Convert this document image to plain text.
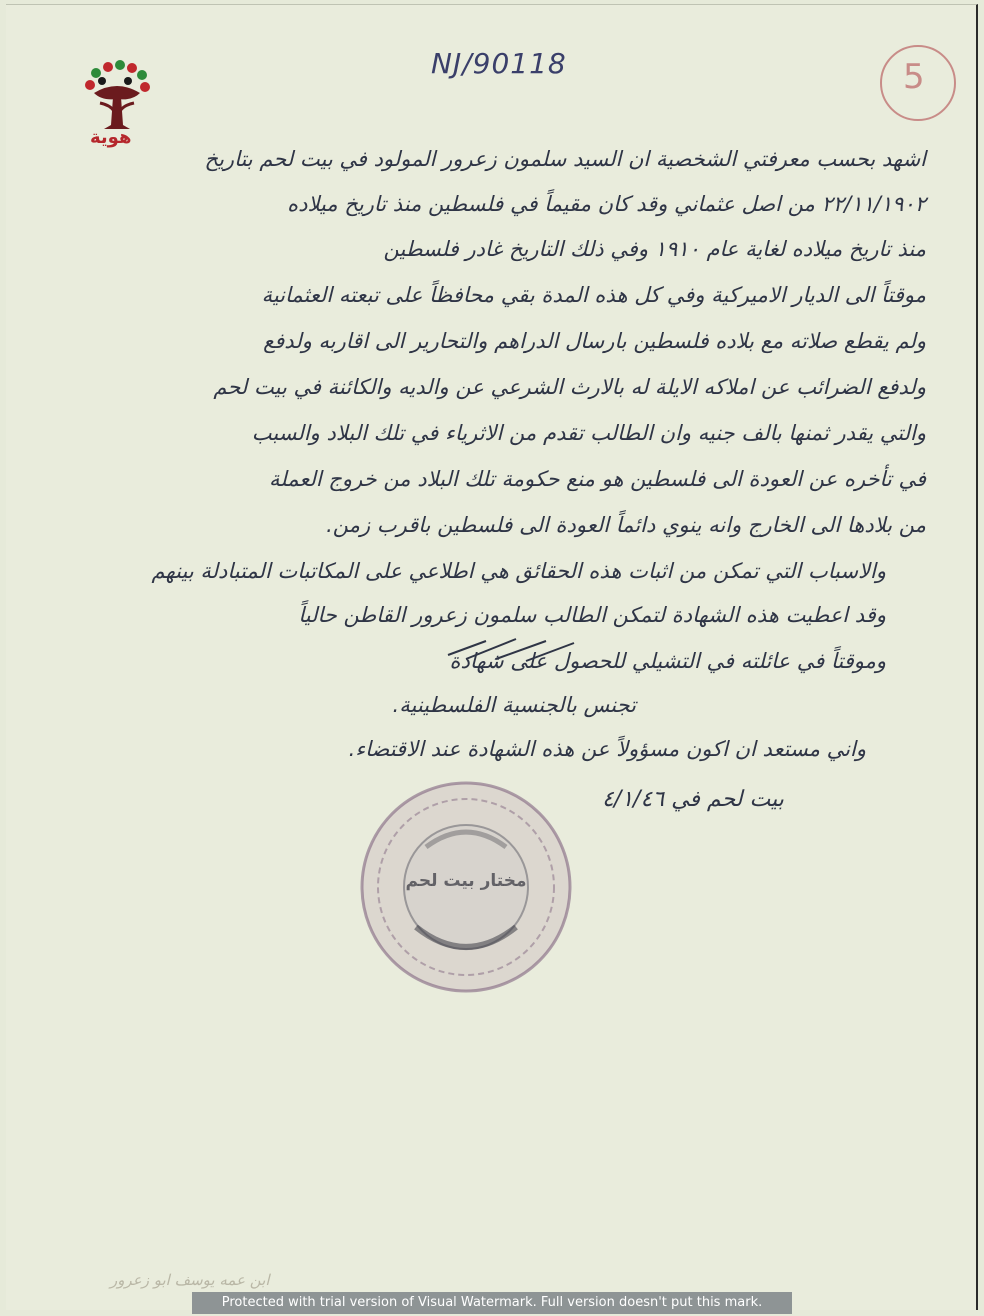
NJ/90118	5
هوية
اشهد بحسب معرفتي الشخصية ان السيد سلمون زعرور المولود في بيت لحم بتاريخ
٢٢/١١/١٩٠٢ من اصل عثماني وقد كان مقيماً في فلسطين منذ تاريخ ميلاده
منذ تاريخ ميلاده لغاية عام ١٩١٠ وفي ذلك التاريخ غادر فلسطين
موقتاً الى الديار الاميركية وفي كل هذه المدة بقي محافظاً على تبعته العثمانية
ولم يقطع صلاته مع بلاده فلسطين بارسال الدراهم والتحارير الى اقاربه ولدفع
ولدفع الضرائب عن املاكه الايلة له بالارث الشرعي عن والديه والكائنة في بيت لحم
والتي يقدر ثمنها بالف جنيه وان الطالب تقدم من الاثرياء في تلك البلاد والسبب
في تأخره عن العودة الى فلسطين هو منع حكومة تلك البلاد من خروج العملة
من بلادها الى الخارج وانه ينوي دائماً العودة الى فلسطين باقرب زمن.
والاسباب التي تمكن من اثبات هذه الحقائق هي اطلاعي على المكاتبات المتبادلة بينهم
وقد اعطيت هذه الشهادة لتمكن الطالب سلمون زعرور القاطن حالياً
وموقتاً في عائلته في التشيلي للحصول على شهادة
تجنس بالجنسية الفلسطينية.
واني مستعد ان اكون مسؤولاً عن هذه الشهادة عند الاقتضاء.
بيت لحم في ٤/١/٤٦
مختار بيت لحم
ابن عمه يوسف ابو زعرور
Protected with trial version of Visual Watermark. Full version doesn't put this mark.
